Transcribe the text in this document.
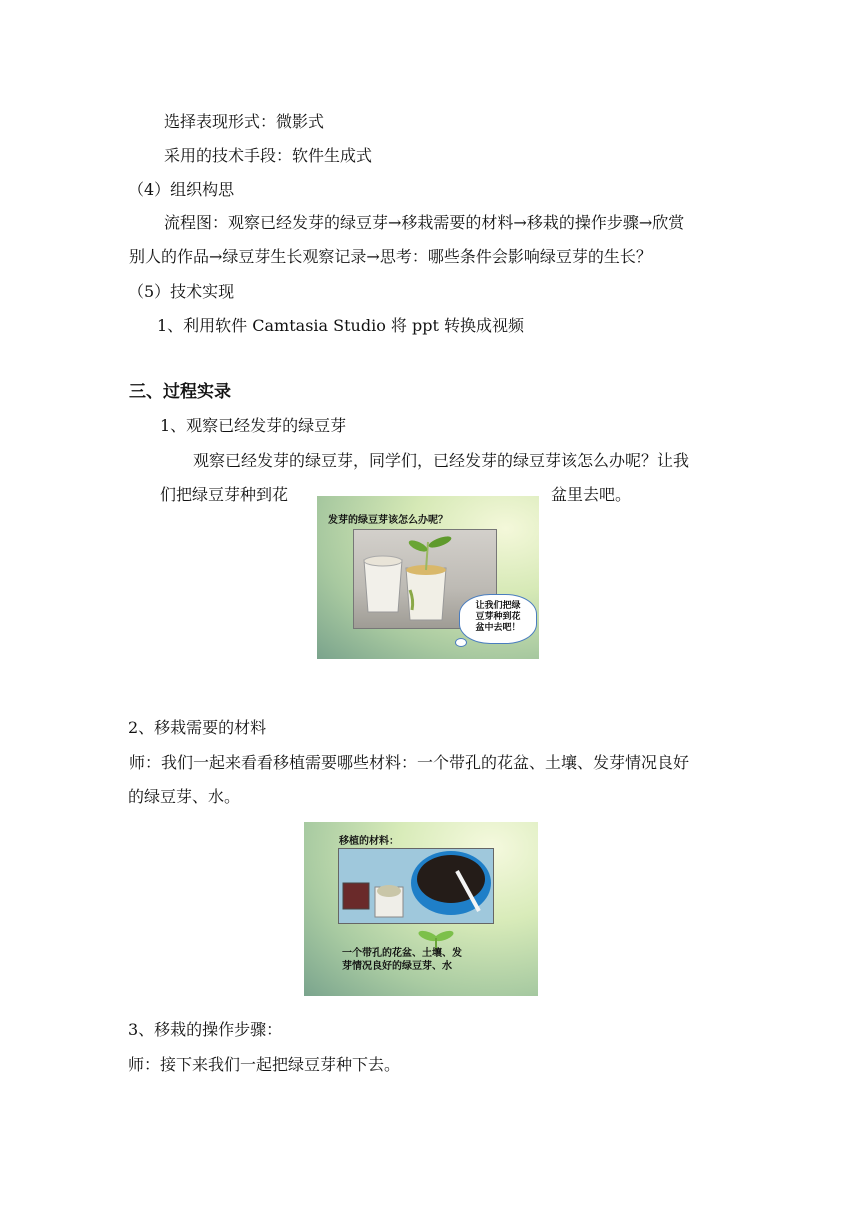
选择表现形式：微影式
采用的技术手段：软件生成式
（4）组织构思
流程图：观察已经发芽的绿豆芽→移栽需要的材料→移栽的操作步骤→欣赏
别人的作品→绿豆芽生长观察记录→思考：哪些条件会影响绿豆芽的生长？
（5）技术实现
1、利用软件 Camtasia Studio 将 ppt 转换成视频
三、过程实录
1、观察已经发芽的绿豆芽
观察已经发芽的绿豆芽，同学们，已经发芽的绿豆芽该怎么办呢？让我
们把绿豆芽种到花	盆里去吧。
发芽的绿豆芽该怎么办呢？
让我们把绿
豆芽种到花
盆中去吧！
2、移栽需要的材料
师：我们一起来看看移植需要哪些材料：一个带孔的花盆、土壤、发芽情况良好
的绿豆芽、水。
移植的材料：
一个带孔的花盆、土壤、发
芽情况良好的绿豆芽、水
3、移栽的操作步骤：
师：接下来我们一起把绿豆芽种下去。
